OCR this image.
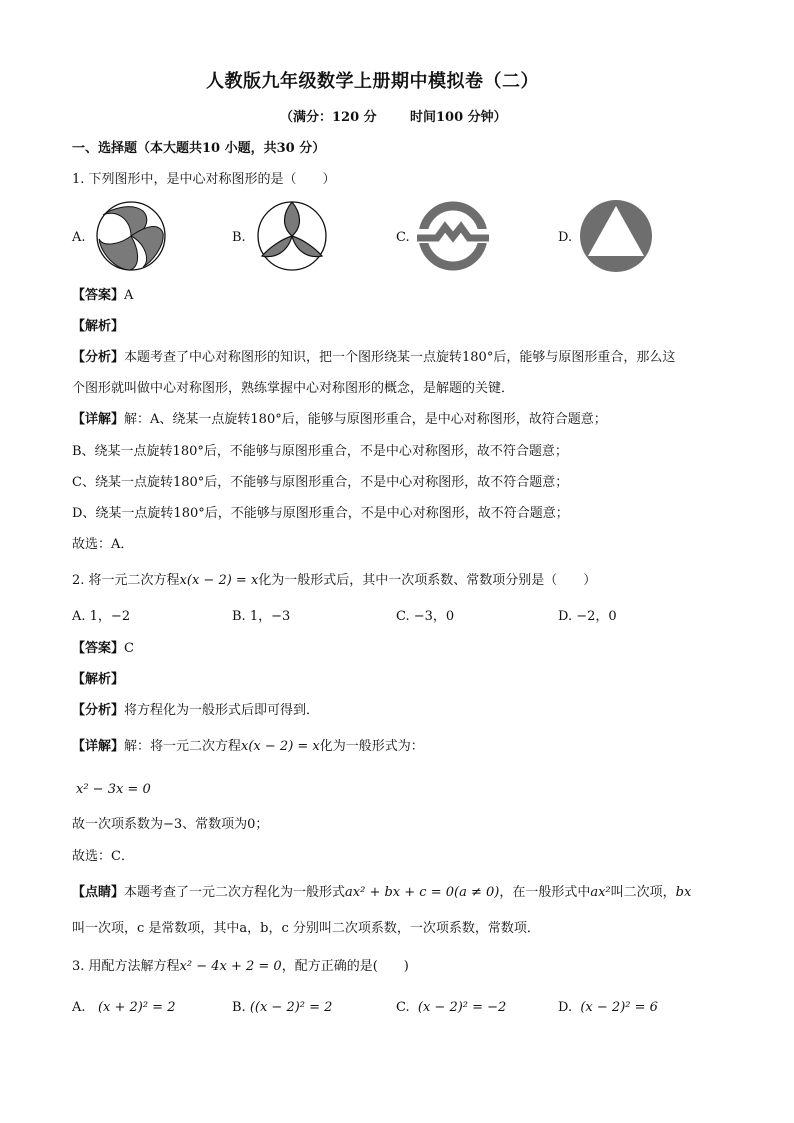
人教版九年级数学上册期中模拟卷（二）
（满分：120 分	时间100 分钟）
一、选择题（本大题共10 小题，共30 分）
1. 下列图形中，是中心对称图形的是（　　）
A.	B.	C.	D.
【答案】A
【解析】
【分析】本题考查了中心对称图形的知识，把一个图形绕某一点旋转180°后，能够与原图形重合，那么这
个图形就叫做中心对称图形，熟练掌握中心对称图形的概念，是解题的关键．
【详解】解：A、绕某一点旋转180°后，能够与原图形重合，是中心对称图形，故符合题意；
B、绕某一点旋转180°后，不能够与原图形重合，不是中心对称图形，故不符合题意；
C、绕某一点旋转180°后，不能够与原图形重合，不是中心对称图形，故不符合题意；
D、绕某一点旋转180°后，不能够与原图形重合，不是中心对称图形，故不符合题意；
故选：A．
2. 将一元二次方程x(x − 2) = x化为一般形式后，其中一次项系数、常数项分别是（　　）
A. 1，−2	B. 1，−3	C. −3，0	D. −2，0
【答案】C
【解析】
【分析】将方程化为一般形式后即可得到．
【详解】解：将一元二次方程x(x − 2) = x化为一般形式为：
x² − 3x = 0
故一次项系数为−3、常数项为0；
故选：C．
【点睛】本题考查了一元二次方程化为一般形式ax² + bx + c = 0(a ≠ 0)，在一般形式中ax²叫二次项，bx
叫一次项，c 是常数项，其中a，b，c 分别叫二次项系数，一次项系数，常数项．
3. 用配方法解方程x² − 4x + 2 = 0，配方正确的是(　　)
A. (x + 2)² = 2	B. ((x − 2)² = 2	C. (x − 2)² = −2	D. (x − 2)² = 6
